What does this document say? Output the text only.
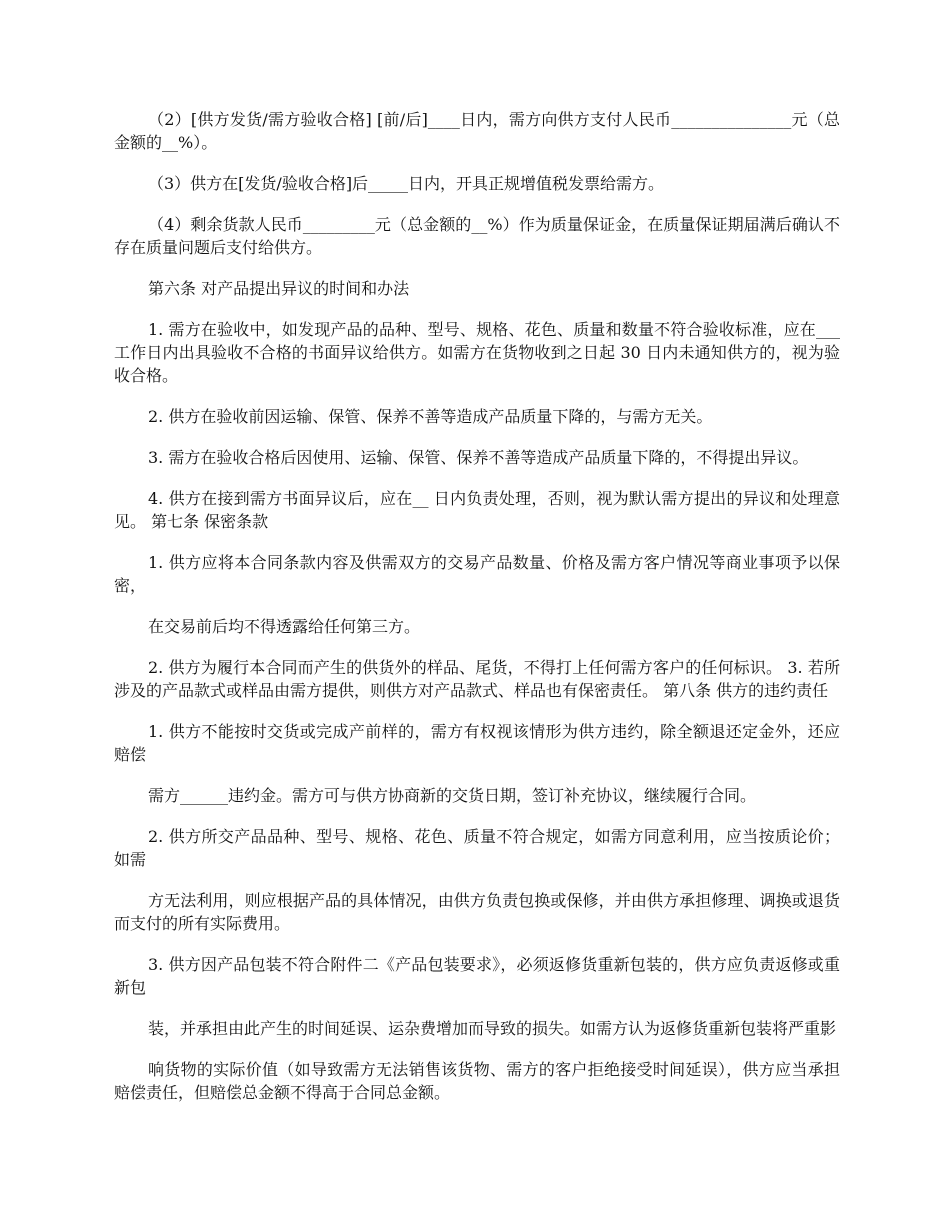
（2）[供方发货/需方验收合格] [前/后]____日内，需方向供方支付人民币_______________元（总金额的__%）。

（3）供方在[发货/验收合格]后_____日内，开具正规增值税发票给需方。

（4）剩余货款人民币_________元（总金额的__%）作为质量保证金，在质量保证期届满后确认不存在质量问题后支付给供方。

第六条 对产品提出异议的时间和办法

1. 需方在验收中，如发现产品的品种、型号、规格、花色、质量和数量不符合验收标准，应在___工作日内出具验收不合格的书面异议给供方。如需方在货物收到之日起 30 日内未通知供方的，视为验收合格。

2. 供方在验收前因运输、保管、保养不善等造成产品质量下降的，与需方无关。

3. 需方在验收合格后因使用、运输、保管、保养不善等造成产品质量下降的，不得提出异议。

4. 供方在接到需方书面异议后，应在__ 日内负责处理，否则，视为默认需方提出的异议和处理意见。 第七条 保密条款

1. 供方应将本合同条款内容及供需双方的交易产品数量、价格及需方客户情况等商业事项予以保密，

在交易前后均不得透露给任何第三方。

2. 供方为履行本合同而产生的供货外的样品、尾货，不得打上任何需方客户的任何标识。 3. 若所涉及的产品款式或样品由需方提供，则供方对产品款式、样品也有保密责任。 第八条 供方的违约责任

1. 供方不能按时交货或完成产前样的，需方有权视该情形为供方违约，除全额退还定金外，还应赔偿

需方______违约金。需方可与供方协商新的交货日期，签订补充协议，继续履行合同。

2. 供方所交产品品种、型号、规格、花色、质量不符合规定，如需方同意利用，应当按质论价；如需

方无法利用，则应根据产品的具体情况，由供方负责包换或保修，并由供方承担修理、调换或退货而支付的所有实际费用。

3. 供方因产品包装不符合附件二《产品包装要求》，必须返修货重新包装的，供方应负责返修或重新包

装，并承担由此产生的时间延误、运杂费增加而导致的损失。如需方认为返修货重新包装将严重影

响货物的实际价值（如导致需方无法销售该货物、需方的客户拒绝接受时间延误），供方应当承担赔偿责任，但赔偿总金额不得高于合同总金额。
